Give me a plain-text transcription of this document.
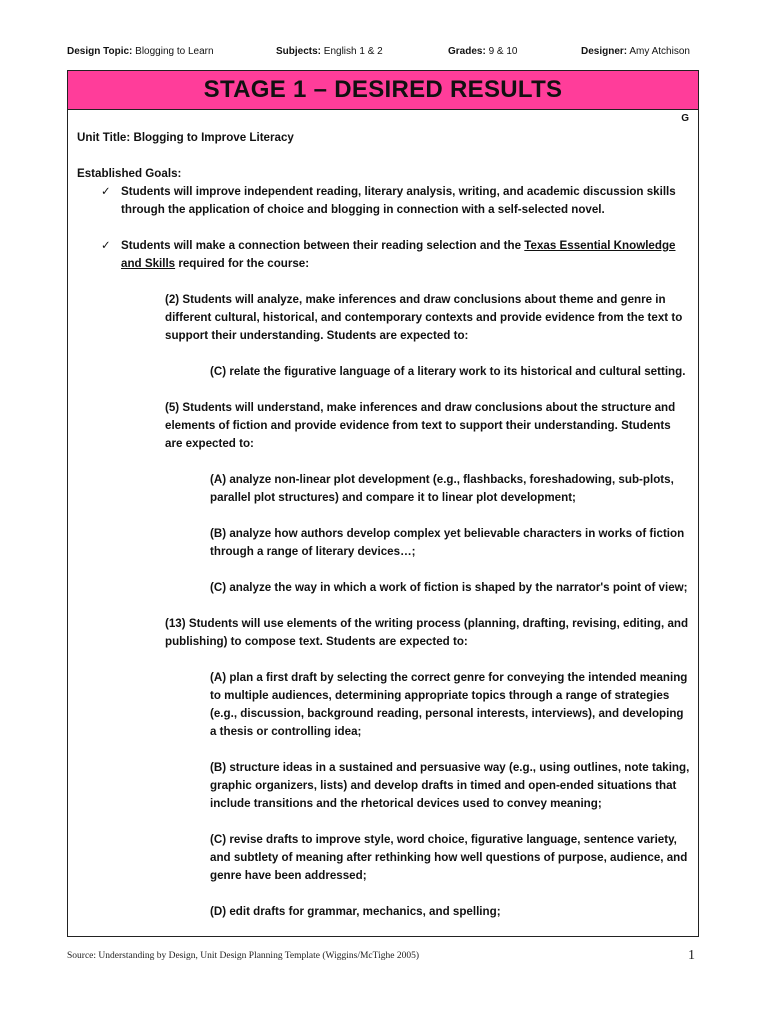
Design Topic: Blogging to Learn	Subjects: English 1 & 2	Grades: 9 & 10	Designer: Amy Atchison
STAGE 1 – DESIRED RESULTS
G

Unit Title: Blogging to Improve Literacy

Established Goals:

✓ Students will improve independent reading, literary analysis, writing, and academic discussion skills through the application of choice and blogging in connection with a self-selected novel.
✓ Students will make a connection between their reading selection and the Texas Essential Knowledge and Skills required for the course:

(2) Students will analyze, make inferences and draw conclusions about theme and genre in different cultural, historical, and contemporary contexts and provide evidence from the text to support their understanding. Students are expected to:

(C) relate the figurative language of a literary work to its historical and cultural setting.

(5) Students will understand, make inferences and draw conclusions about the structure and elements of fiction and provide evidence from text to support their understanding. Students are expected to:

(A) analyze non-linear plot development (e.g., flashbacks, foreshadowing, sub-plots, parallel plot structures) and compare it to linear plot development;

(B) analyze how authors develop complex yet believable characters in works of fiction through a range of literary devices…;

(C) analyze the way in which a work of fiction is shaped by the narrator's point of view;

(13) Students will use elements of the writing process (planning, drafting, revising, editing, and publishing) to compose text. Students are expected to:

(A) plan a first draft by selecting the correct genre for conveying the intended meaning to multiple audiences, determining appropriate topics through a range of strategies (e.g., discussion, background reading, personal interests, interviews), and developing a thesis or controlling idea;

(B) structure ideas in a sustained and persuasive way (e.g., using outlines, note taking, graphic organizers, lists) and develop drafts in timed and open-ended situations that include transitions and the rhetorical devices used to convey meaning;

(C) revise drafts to improve style, word choice, figurative language, sentence variety, and subtlety of meaning after rethinking how well questions of purpose, audience, and genre have been addressed;

(D) edit drafts for grammar, mechanics, and spelling;

Source: Understanding by Design, Unit Design Planning Template (Wiggins/McTighe 2005)	1
